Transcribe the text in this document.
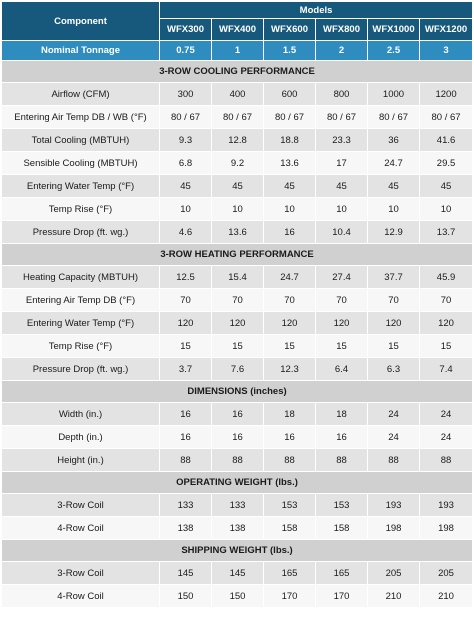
Component	Models					
	WFX300	WFX400	WFX600	WFX800	WFX1000	WFX1200
Nominal Tonnage	0.75	1	1.5	2	2.5	3
3-ROW COOLING PERFORMANCE						
Airflow (CFM)	300	400	600	800	1000	1200
Entering Air Temp DB / WB (°F)	80 / 67	80 / 67	80 / 67	80 / 67	80 / 67	80 / 67
Total Cooling (MBTUH)	9.3	12.8	18.8	23.3	36	41.6
Sensible Cooling (MBTUH)	6.8	9.2	13.6	17	24.7	29.5
Entering Water Temp (°F)	45	45	45	45	45	45
Temp Rise (°F)	10	10	10	10	10	10
Pressure Drop (ft. wg.)	4.6	13.6	16	10.4	12.9	13.7
3-ROW HEATING PERFORMANCE						
Heating Capacity (MBTUH)	12.5	15.4	24.7	27.4	37.7	45.9
Entering Air Temp DB (°F)	70	70	70	70	70	70
Entering Water Temp (°F)	120	120	120	120	120	120
Temp Rise (°F)	15	15	15	15	15	15
Pressure Drop (ft. wg.)	3.7	7.6	12.3	6.4	6.3	7.4
DIMENSIONS (inches)						
Width (in.)	16	16	18	18	24	24
Depth (in.)	16	16	16	16	24	24
Height (in.)	88	88	88	88	88	88
OPERATING WEIGHT (lbs.)						
3-Row Coil	133	133	153	153	193	193
4-Row Coil	138	138	158	158	198	198
SHIPPING WEIGHT (lbs.)						
3-Row Coil	145	145	165	165	205	205
4-Row Coil	150	150	170	170	210	210
